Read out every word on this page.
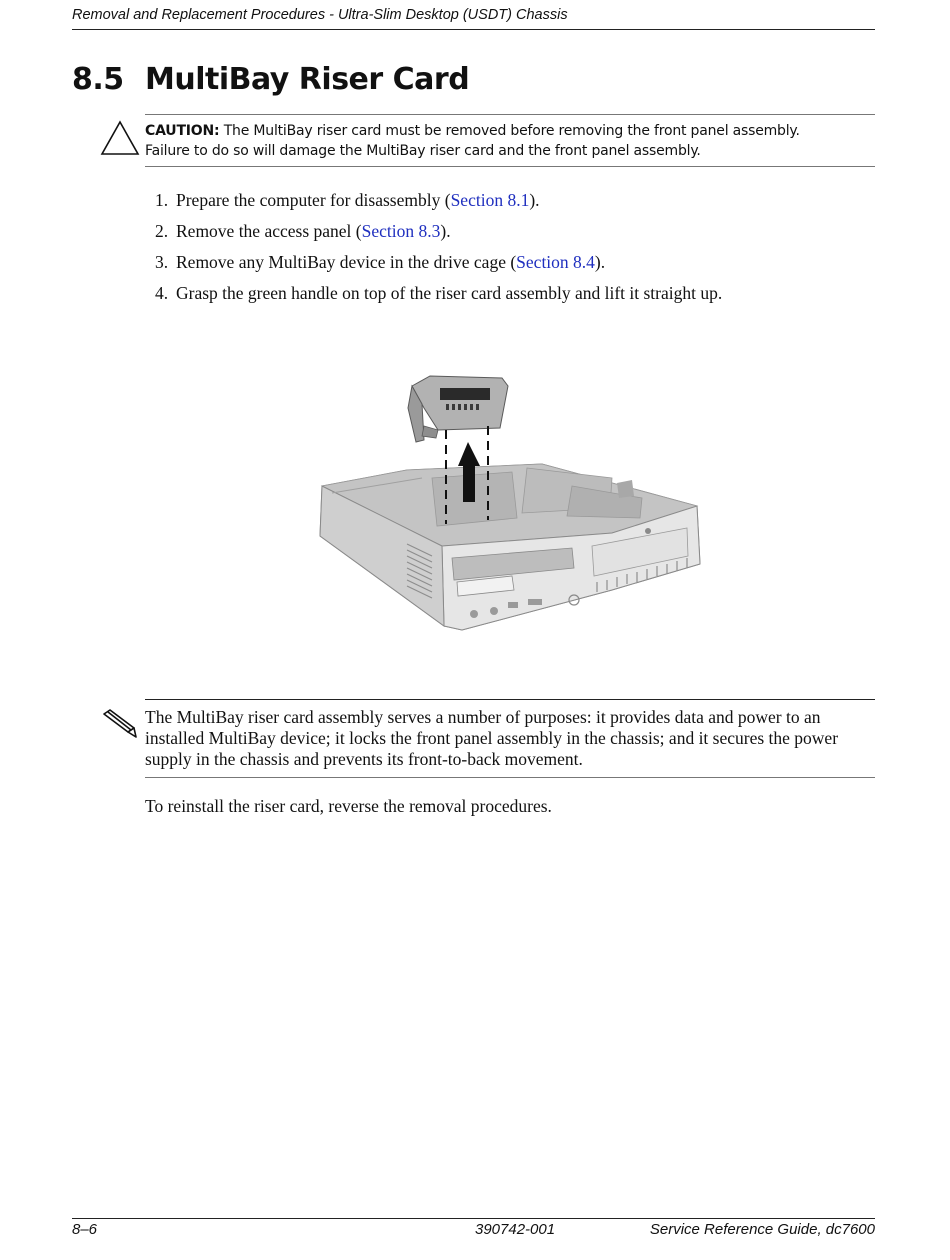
Removal and Replacement Procedures - Ultra-Slim Desktop (USDT) Chassis
8.5 MultiBay Riser Card
CAUTION: The MultiBay riser card must be removed before removing the front panel assembly. Failure to do so will damage the MultiBay riser card and the front panel assembly.
1. Prepare the computer for disassembly (Section 8.1).
2. Remove the access panel (Section 8.3).
3. Remove any MultiBay device in the drive cage (Section 8.4).
4. Grasp the green handle on top of the riser card assembly and lift it straight up.
The MultiBay riser card assembly serves a number of purposes: it provides data and power to an installed MultiBay device; it locks the front panel assembly in the chassis; and it secures the power supply in the chassis and prevents its front-to-back movement.
To reinstall the riser card, reverse the removal procedures.
8–6	390742-001	Service Reference Guide, dc7600
